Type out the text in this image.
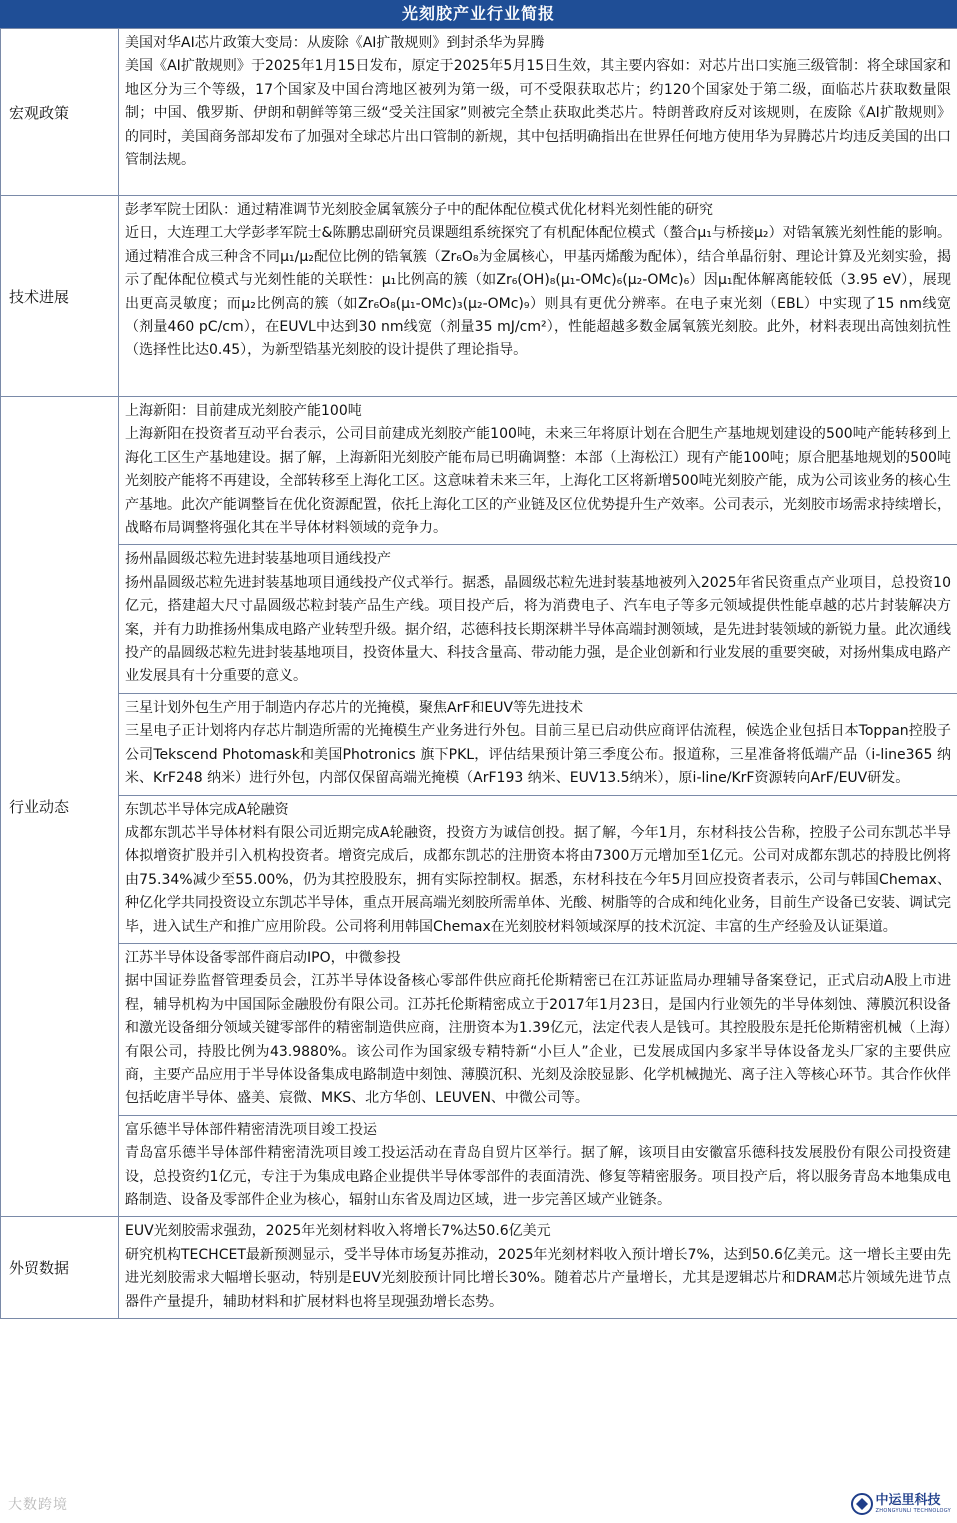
光刻胶产业行业简报
宏观政策	美国对华AI芯片政策大变局：从废除《AI扩散规则》到封杀华为昇腾
美国《AI扩散规则》于2025年1月15日发布，原定于2025年5月15日生效，其主要内容如：对芯片出口实施三级管制：将全球国家和地区分为三个等级，17个国家及中国台湾地区被列为第一级，可不受限获取芯片；约120个国家处于第二级，面临芯片获取数量限制；中国、俄罗斯、伊朗和朝鲜等第三级“受关注国家”则被完全禁止获取此类芯片。特朗普政府反对该规则，在废除《AI扩散规则》的同时，美国商务部却发布了加强对全球芯片出口管制的新规，其中包括明确指出在世界任何地方使用华为昇腾芯片均违反美国的出口管制法规。

技术进展	彭孝军院士团队：通过精准调节光刻胶金属氧簇分子中的配体配位模式优化材料光刻性能的研究
近日，大连理工大学彭孝军院士&陈鹏忠副研究员课题组系统探究了有机配体配位模式（螯合μ₁与桥接μ₂）对锆氧簇光刻性能的影响。通过精准合成三种含不同μ₁/μ₂配位比例的锆氧簇（Zr₆O₈为金属核心，甲基丙烯酸为配体），结合单晶衍射、理论计算及光刻实验，揭示了配体配位模式与光刻性能的关联性：μ₁比例高的簇（如Zr₆(OH)₈(μ₁-OMc)₆(μ₂-OMc)₆）因μ₁配体解离能较低（3.95 eV），展现出更高灵敏度；而μ₂比例高的簇（如Zr₆O₈(μ₁-OMc)₃(μ₂-OMc)₉）则具有更优分辨率。在电子束光刻（EBL）中实现了15 nm线宽（剂量460 pC/cm），在EUVL中达到30 nm线宽（剂量35 mJ/cm²），性能超越多数金属氧簇光刻胶。此外，材料表现出高蚀刻抗性（选择性比达0.45），为新型锆基光刻胶的设计提供了理论指导。

行业动态	上海新阳：目前建成光刻胶产能100吨
上海新阳在投资者互动平台表示，公司目前建成光刻胶产能100吨，未来三年将原计划在合肥生产基地规划建设的500吨产能转移到上海化工区生产基地建设。据了解，上海新阳光刻胶产能布局已明确调整：本部（上海松江）现有产能100吨；原合肥基地规划的500吨光刻胶产能将不再建设，全部转移至上海化工区。这意味着未来三年，上海化工区将新增500吨光刻胶产能，成为公司该业务的核心生产基地。此次产能调整旨在优化资源配置，依托上海化工区的产业链及区位优势提升生产效率。公司表示，光刻胶市场需求持续增长，战略布局调整将强化其在半导体材料领域的竞争力。

	扬州晶圆级芯粒先进封装基地项目通线投产
扬州晶圆级芯粒先进封装基地项目通线投产仪式举行。据悉，晶圆级芯粒先进封装基地被列入2025年省民资重点产业项目，总投资10亿元，搭建超大尺寸晶圆级芯粒封装产品生产线。项目投产后，将为消费电子、汽车电子等多元领域提供性能卓越的芯片封装解决方案，并有力助推扬州集成电路产业转型升级。据介绍，芯德科技长期深耕半导体高端封测领域，是先进封装领域的新锐力量。此次通线投产的晶圆级芯粒先进封装基地项目，投资体量大、科技含量高、带动能力强，是企业创新和行业发展的重要突破，对扬州集成电路产业发展具有十分重要的意义。

	三星计划外包生产用于制造内存芯片的光掩模，聚焦ArF和EUV等先进技术
三星电子正计划将内存芯片制造所需的光掩模生产业务进行外包。目前三星已启动供应商评估流程，候选企业包括日本Toppan控股子公司Tekscend Photomask和美国Photronics 旗下PKL，评估结果预计第三季度公布。报道称，三星准备将低端产品（i-line365 纳米、KrF248 纳米）进行外包，内部仅保留高端光掩模（ArF193 纳米、EUV13.5纳米），原i-line/KrF资源转向ArF/EUV研发。

	东凯芯半导体完成A轮融资
成都东凯芯半导体材料有限公司近期完成A轮融资，投资方为诚信创投。据了解，今年1月，东材科技公告称，控股子公司东凯芯半导体拟增资扩股并引入机构投资者。增资完成后，成都东凯芯的注册资本将由7300万元增加至1亿元。公司对成都东凯芯的持股比例将由75.34%减少至55.00%，仍为其控股股东，拥有实际控制权。据悉，东材科技在今年5月回应投资者表示，公司与韩国Chemax、种亿化学共同投资设立东凯芯半导体，重点开展高端光刻胶所需单体、光酸、树脂等的合成和纯化业务，目前生产设备已安装、调试完毕，进入试生产和推广应用阶段。公司将利用韩国Chemax在光刻胶材料领域深厚的技术沉淀、丰富的生产经验及认证渠道。

	江苏半导体设备零部件商启动IPO，中微参投
据中国证券监督管理委员会，江苏半导体设备核心零部件供应商托伦斯精密已在江苏证监局办理辅导备案登记，正式启动A股上市进程，辅导机构为中国国际金融股份有限公司。江苏托伦斯精密成立于2017年1月23日，是国内行业领先的半导体刻蚀、薄膜沉积设备和激光设备细分领域关键零部件的精密制造供应商，注册资本为1.39亿元，法定代表人是钱可。其控股股东是托伦斯精密机械（上海）有限公司，持股比例为43.9880%。该公司作为国家级专精特新“小巨人”企业，已发展成国内多家半导体设备龙头厂家的主要供应商，主要产品应用于半导体设备集成电路制造中刻蚀、薄膜沉积、光刻及涂胶显影、化学机械抛光、离子注入等核心环节。其合作伙伴包括屹唐半导体、盛美、宸微、MKS、北方华创、LEUVEN、中微公司等。

	富乐德半导体部件精密清洗项目竣工投运
青岛富乐德半导体部件精密清洗项目竣工投运活动在青岛自贸片区举行。据了解，该项目由安徽富乐德科技发展股份有限公司投资建设，总投资约1亿元，专注于为集成电路企业提供半导体零部件的表面清洗、修复等精密服务。项目投产后，将以服务青岛本地集成电路制造、设备及零部件企业为核心，辐射山东省及周边区域，进一步完善区域产业链条。

外贸数据	EUV光刻胶需求强劲，2025年光刻材料收入将增长7%达50.6亿美元
研究机构TECHCET最新预测显示，受半导体市场复苏推动，2025年光刻材料收入预计增长7%，达到50.6亿美元。这一增长主要由先进光刻胶需求大幅增长驱动，特别是EUV光刻胶预计同比增长30%。随着芯片产量增长，尤其是逻辑芯片和DRAM芯片领域先进节点器件产量提升，辅助材料和扩展材料也将呈现强劲增长态势。
大数跨境	中运里科技
ZHONGYUNLI TECHNOLOGY
